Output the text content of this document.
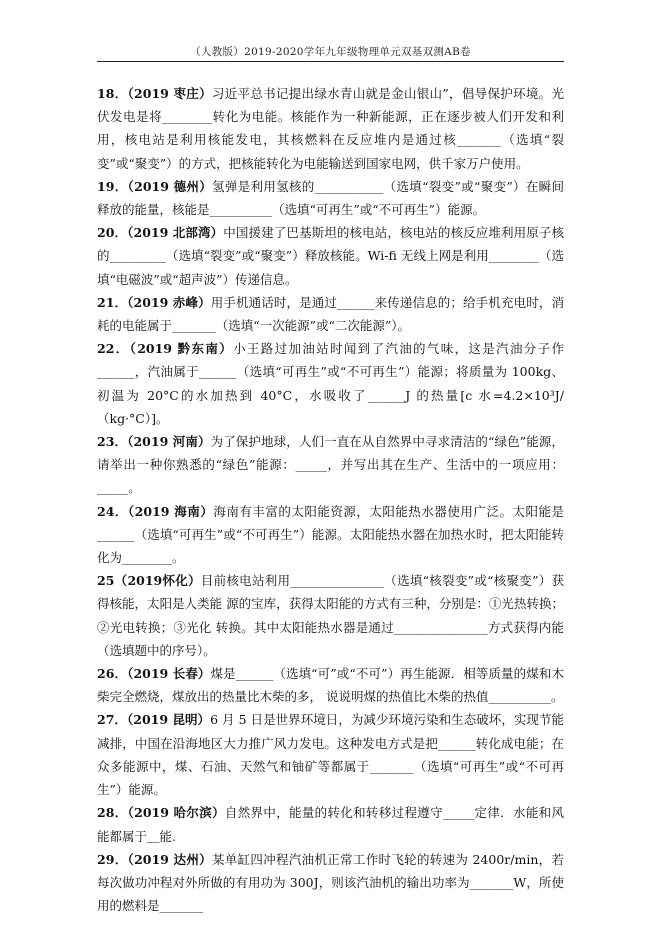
（人教版）2019-2020学年九年级物理单元双基双测AB卷

18．（2019 枣庄）习近平总书记提出绿水青山就是金山银山”，倡导保护环境。光伏发电是将________转化为电能。核能作为一种新能源，正在逐步被人们开发和利用，核电站是利用核能发电，其核燃料在反应堆内是通过核_______（选填“裂变”或“聚变”）的方式，把核能转化为电能输送到国家电网，供千家万户使用。

19．（2019 德州）氢弹是利用氢核的___________（选填“裂变”或“聚变”）在瞬间释放的能量，核能是__________（选填“可再生”或“不可再生”）能源。

20．（2019 北部湾）中国援建了巴基斯坦的核电站，核电站的核反应堆利用原子核的_________（选填“裂变”或“聚变”）释放核能。Wi-fi 无线上网是利用________（选填“电磁波”或“超声波”）传递信息。

21．（2019 赤峰）用手机通话时，是通过______来传递信息的；给手机充电时，消耗的电能属于_______（选填“一次能源”或“二次能源”）。

22．（2019 黔东南）小王路过加油站时闻到了汽油的气味，这是汽油分子作______，汽油属于______（选填“可再生”或“不可再生”）能源；将质量为 100kg、初温为 20°C的水加热到 40°C，水吸收了______J 的热量[c 水=4.2×10³J/（kg·°C）]。

23．（2019 河南）为了保护地球，人们一直在从自然界中寻求清洁的“绿色”能源，请举出一种你熟悉的“绿色”能源：_____，并写出其在生产、生活中的一项应用：_____。

24．（2019 海南）海南有丰富的太阳能资源，太阳能热水器使用广泛。太阳能是______（选填“可再生”或“不可再生”）能源。太阳能热水器在加热水时，把太阳能转化为________。

25（2019怀化）目前核电站利用_______________（选填“核裂变”或“核聚变”）获得核能，太阳是人类能 源的宝库，获得太阳能的方式有三种，分别是：①光热转换；②光电转换；③光化 转换。其中太阳能热水器是通过_______________方式获得内能（选填题中的序号）。

26．（2019 长春）煤是______（选填“可”或“不可”）再生能源．相等质量的煤和木柴完全燃烧，煤放出的热量比木柴的多， 说说明煤的热值比木柴的热值__________。

27．（2019 昆明）6 月 5 日是世界环境日，为减少环境污染和生态破坏，实现节能减排，中国在沿海地区大力推广风力发电。这种发电方式是把______转化成电能；在众多能源中，煤、石油、天然气和铀矿等都属于_______（选填“可再生”或“不可再生”）能源。

28．（2019 哈尔滨）自然界中，能量的转化和转移过程遵守_____定律．水能和风能都属于＿能.

29．（2019 达州）某单缸四冲程汽油机正常工作时飞轮的转速为 2400r/min，若每次做功冲程对外所做的有用功为 300J，则该汽油机的输出功率为_______W，所使用的燃料是_______
